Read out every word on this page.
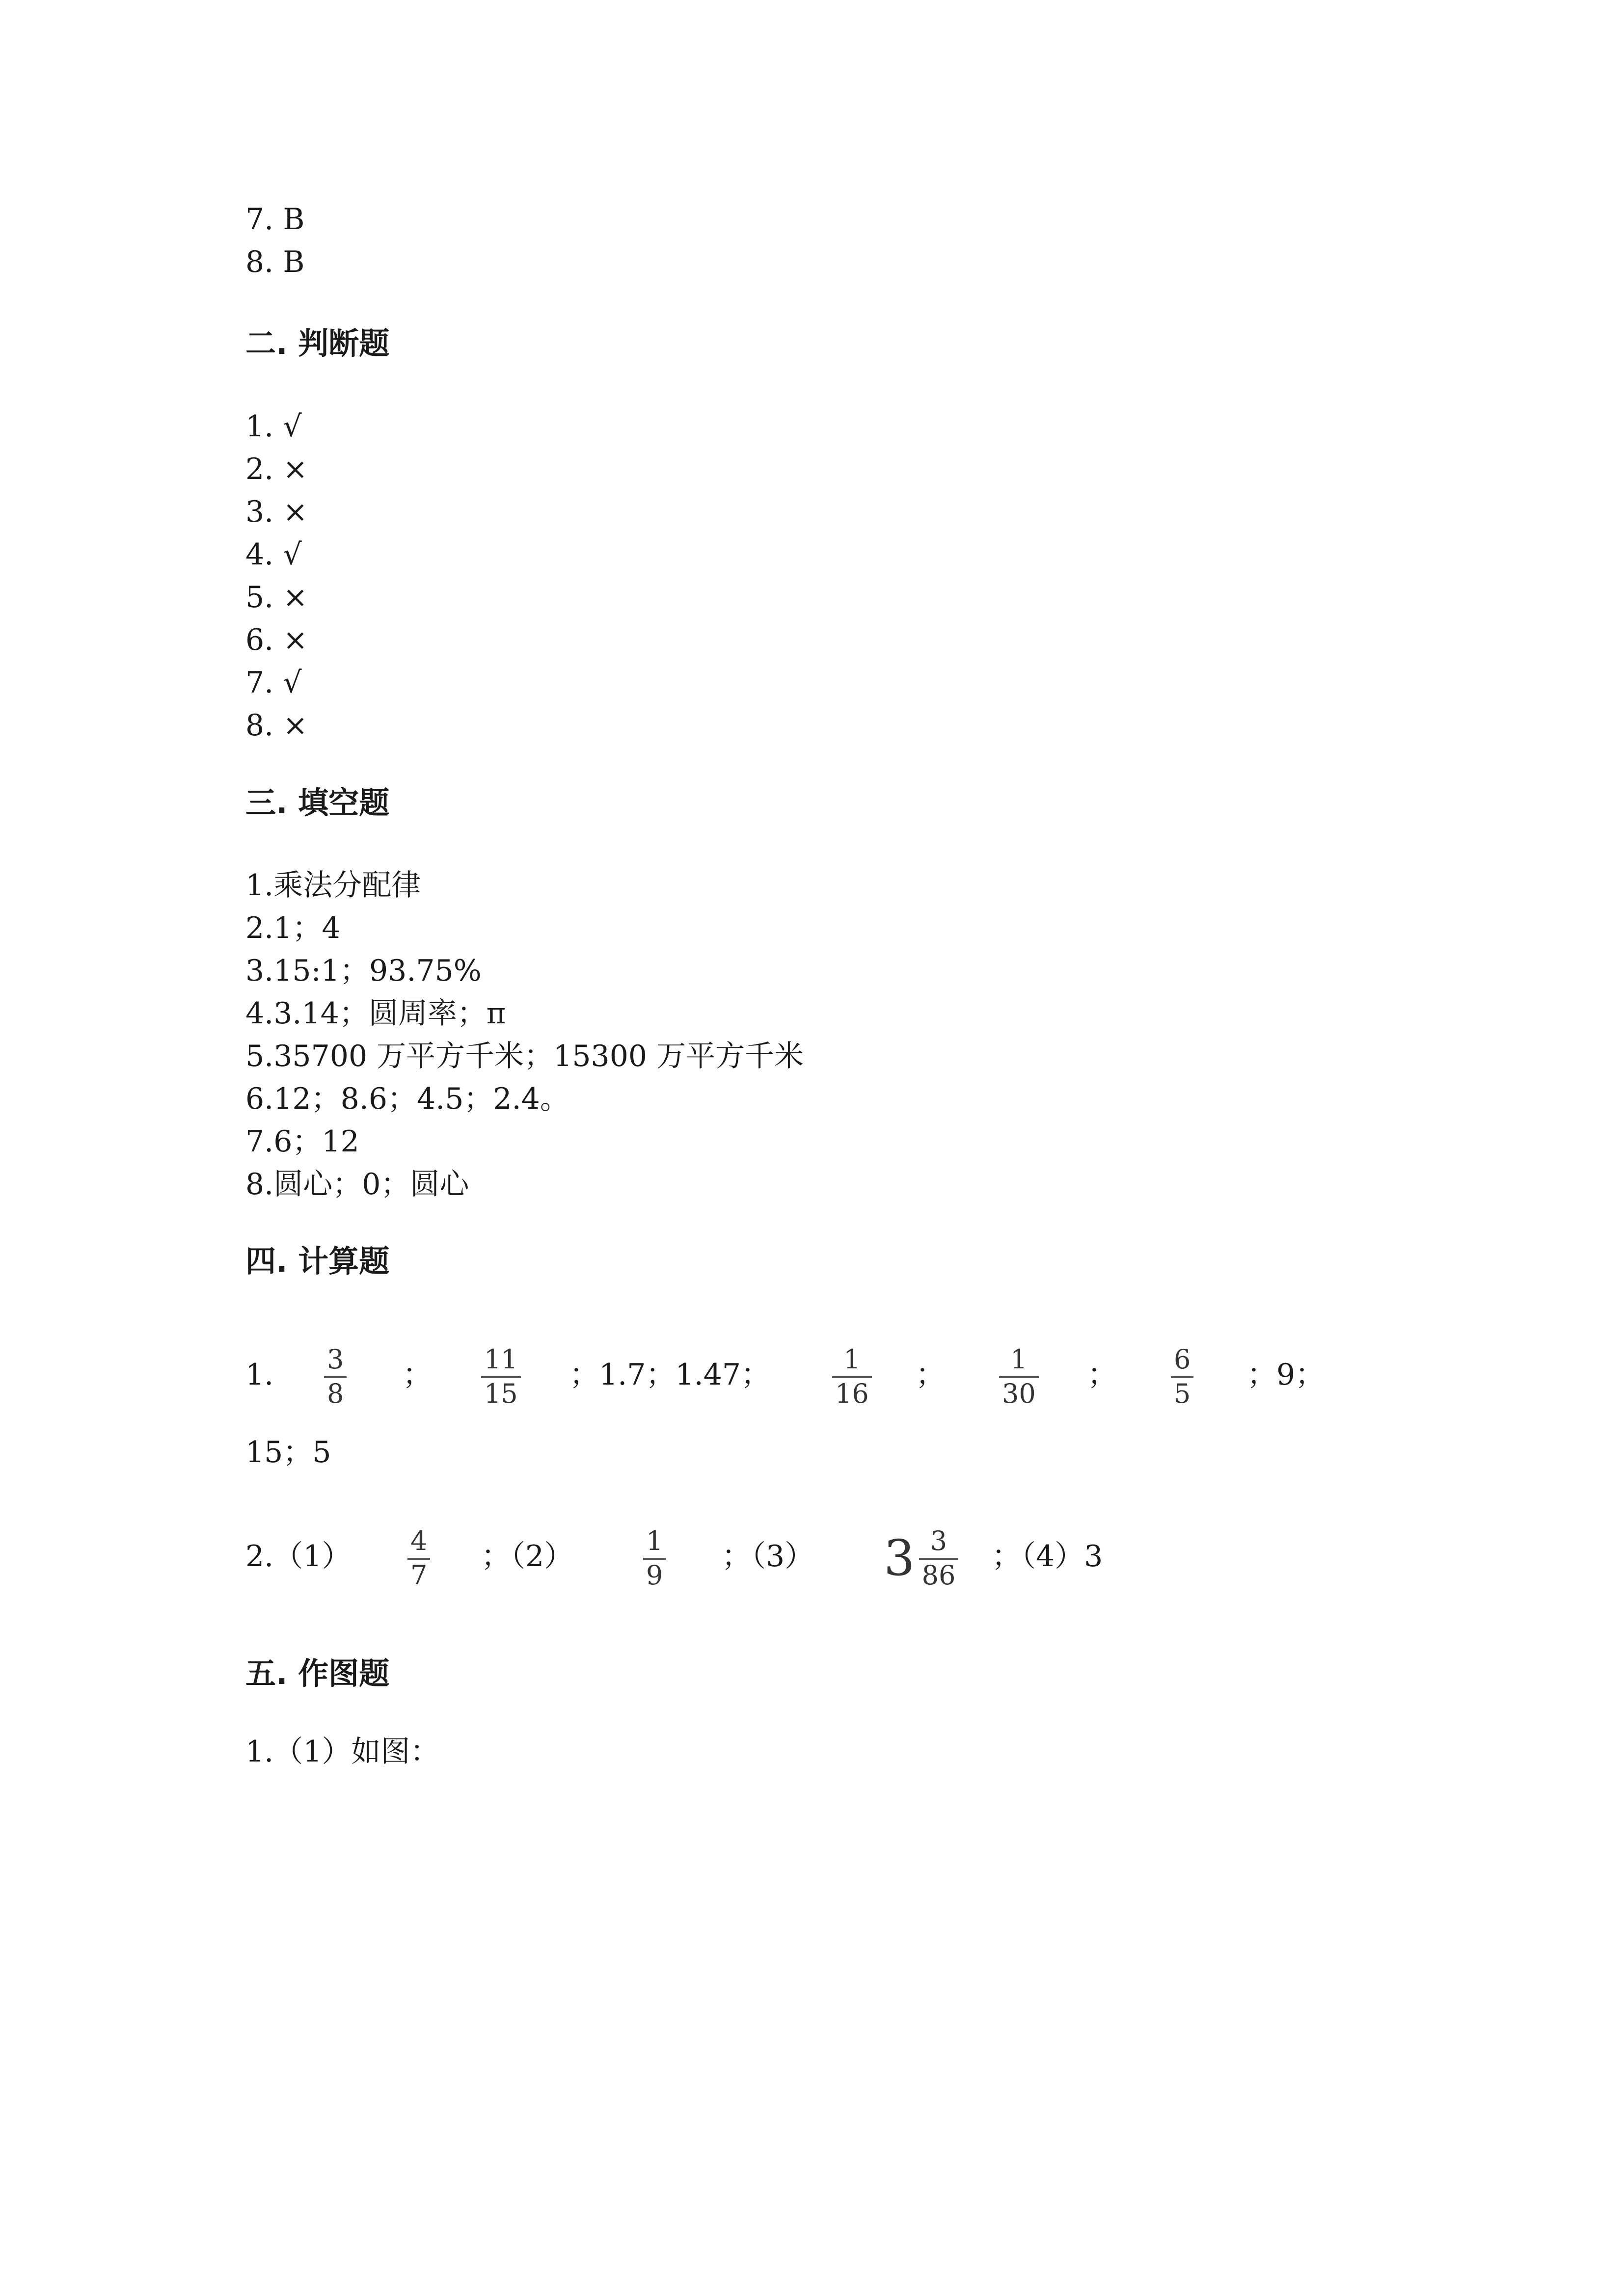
7. B
8. B
二. 判断题
1. √
2. ×
3. ×
4. √
5. ×
6. ×
7. √
8. ×
三. 填空题
1.乘法分配律
2.1；4
3.15:1；93.75%
4.3.14；圆周率；π
5.35700 万平方千米；15300 万平方千米
6.12；8.6；4.5；2.4。
7.6；12
8.圆心；0；圆心
四. 计算题
1. 3
8
； 11
15
；1.7；1.47；	1
16
； 1
30
； 6
5
；9；
15；5
2.（1） 4
7
；（2）	1
9
；（3） $3 \frac{3}{86}$ ；（4）3
五. 作图题
1.（1）如图：
